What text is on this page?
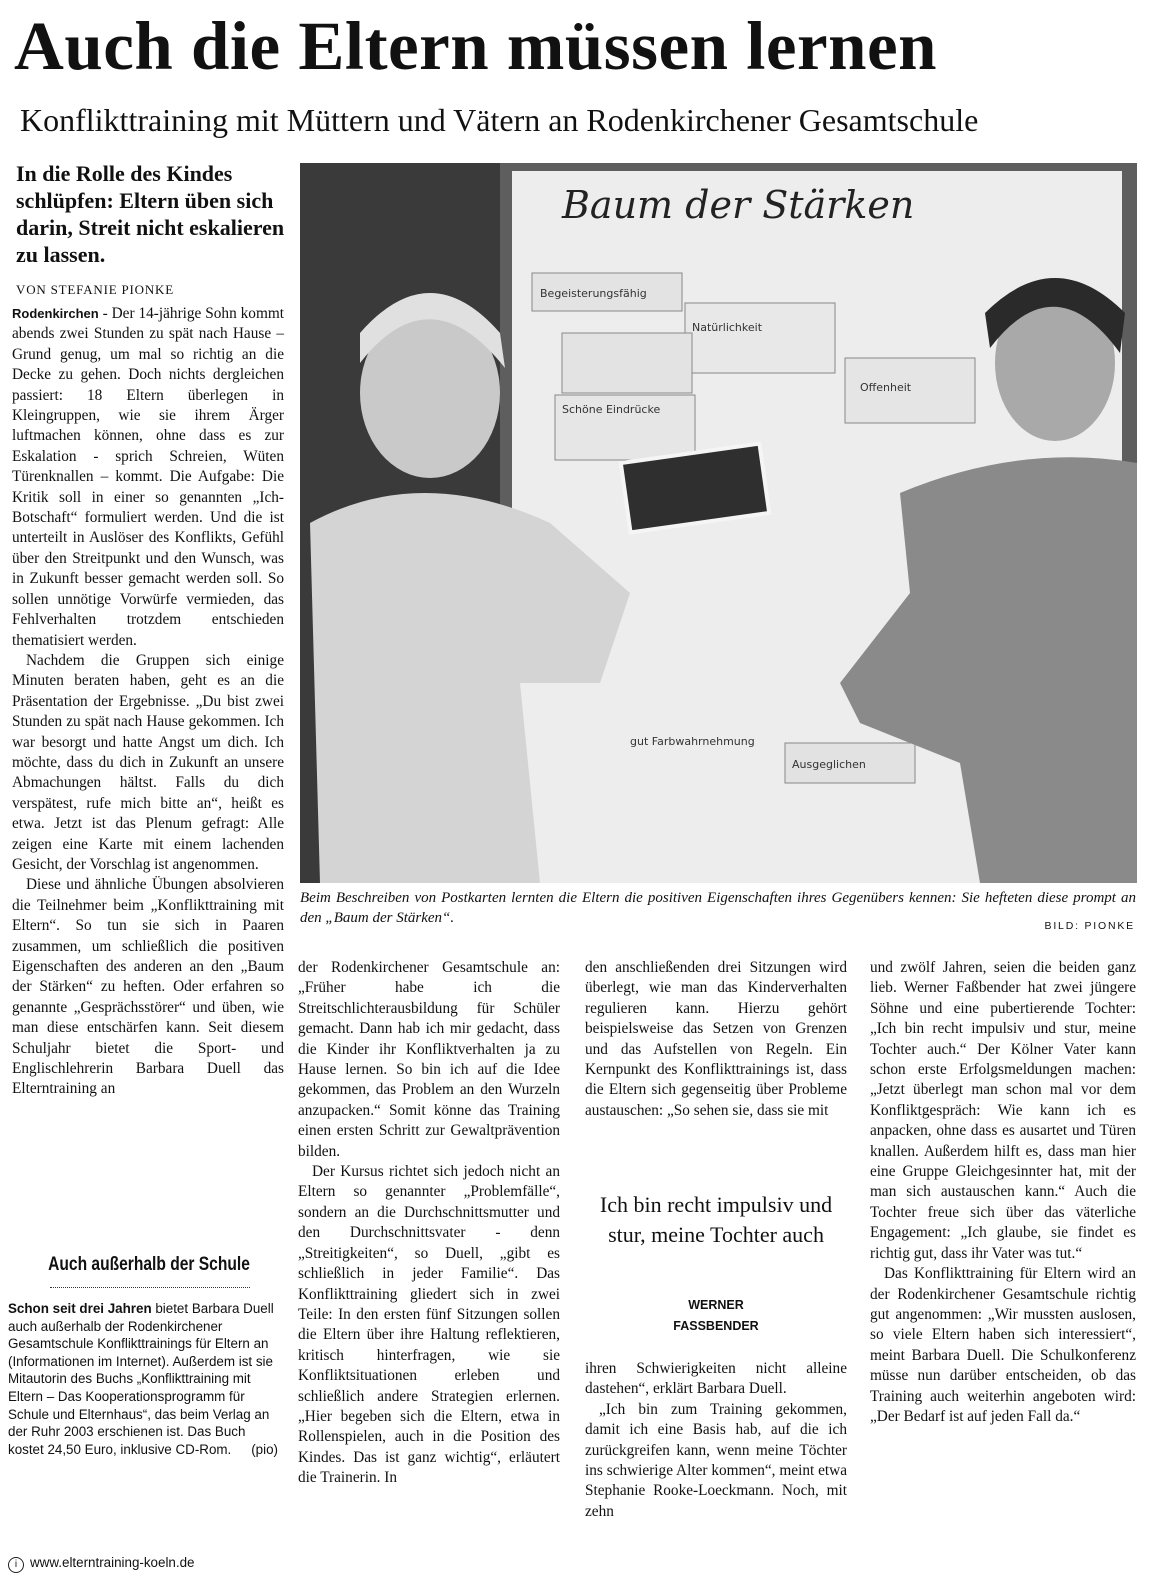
Auch die Eltern müssen lernen
Konflikttraining mit Müttern und Vätern an Rodenkirchener Gesamtschule
In die Rolle des Kindes schlüpfen: Eltern üben sich darin, Streit nicht eskalieren zu lassen.
VON STEFANIE PIONKE

Rodenkirchen - Der 14-jährige Sohn kommt abends zwei Stunden zu spät nach Hause – Grund genug, um mal so richtig an die Decke zu gehen. Doch nichts dergleichen passiert: 18 Eltern überlegen in Kleingruppen, wie sie ihrem Ärger luftmachen können, ohne dass es zur Eskalation - sprich Schreien, Wüten Türenknallen – kommt. Die Aufgabe: Die Kritik soll in einer so genannten „Ich-Botschaft“ formuliert werden. Und die ist unterteilt in Auslöser des Konflikts, Gefühl über den Streitpunkt und den Wunsch, was in Zukunft besser gemacht werden soll. So sollen unnötige Vorwürfe vermieden, das Fehlverhalten trotzdem entschieden thematisiert werden.

Nachdem die Gruppen sich einige Minuten beraten haben, geht es an die Präsentation der Ergebnisse. „Du bist zwei Stunden zu spät nach Hause gekommen. Ich war besorgt und hatte Angst um dich. Ich möchte, dass du dich in Zukunft an unsere Abmachungen hältst. Falls du dich verspätest, rufe mich bitte an“, heißt es etwa. Jetzt ist das Plenum gefragt: Alle zeigen eine Karte mit einem lachenden Gesicht, der Vorschlag ist angenommen.

Diese und ähnliche Übungen absolvieren die Teilnehmer beim „Konflikttraining mit Eltern“. So tun sie sich in Paaren zusammen, um schließlich die positiven Eigenschaften des anderen an den „Baum der Stärken“ zu heften. Oder erfahren so genannte „Gesprächsstörer“ und üben, wie man diese entschärfen kann. Seit diesem Schuljahr bietet die Sport- und Englischlehrerin Barbara Duell das Elterntraining an

Auch außerhalb der Schule
Schon seit drei Jahren bietet Barbara Duell auch außerhalb der Rodenkirchener Gesamtschule Konflikttrainings für Eltern an (Informationen im Internet). Außerdem ist sie Mitautorin des Buchs „Konflikttraining mit Eltern – Das Kooperationsprogramm für Schule und Elternhaus“, das beim Verlag an der Ruhr 2003 erschienen ist. Das Buch kostet 24,50 Euro, inklusive CD-Rom. (pio)
i www.elterntraining-koeln.de
Baum der Stärken
Begeisterungsfähig
Natürlichkeit
Schöne Eindrücke
Offenheit
Ausgeglichen
gut Farbwahrnehmung
Beim Beschreiben von Postkarten lernten die Eltern die positiven Eigenschaften ihres Gegenübers kennen: Sie hefteten diese prompt an den „Baum der Stärken“.	BILD: PIONKE

der Rodenkirchener Gesamtschule an: „Früher habe ich die Streitschlichterausbildung für Schüler gemacht. Dann hab ich mir gedacht, dass die Kinder ihr Konfliktverhalten ja zu Hause lernen. So bin ich auf die Idee gekommen, das Problem an den Wurzeln anzupacken.“ Somit könne das Training einen ersten Schritt zur Gewaltprävention bilden.

Der Kursus richtet sich jedoch nicht an Eltern so genannter „Problemfälle“, sondern an die Durchschnittsmutter und den Durchschnittsvater - denn „Streitigkeiten“, so Duell, „gibt es schließlich in jeder Familie“. Das Konflikttraining gliedert sich in zwei Teile: In den ersten fünf Sitzungen sollen die Eltern über ihre Haltung reflektieren, kritisch hinterfragen, wie sie Konfliktsituationen erleben und schließlich andere Strategien erlernen. „Hier begeben sich die Eltern, etwa in Rollenspielen, auch in die Position des Kindes. Das ist ganz wichtig“, erläutert die Trainerin. In

den anschließenden drei Sitzungen wird überlegt, wie man das Kinderverhalten regulieren kann. Hierzu gehört beispielsweise das Setzen von Grenzen und das Aufstellen von Regeln. Ein Kernpunkt des Konflikttrainings ist, dass die Eltern sich gegenseitig über Probleme austauschen: „So sehen sie, dass sie mit

Ich bin recht impulsiv und stur, meine Tochter auch
WERNER
FASSBENDER

ihren Schwierigkeiten nicht alleine dastehen“, erklärt Barbara Duell.

„Ich bin zum Training gekommen, damit ich eine Basis hab, auf die ich zurückgreifen kann, wenn meine Töchter ins schwierige Alter kommen“, meint etwa Stephanie Rooke-Loeckmann. Noch, mit zehn

und zwölf Jahren, seien die beiden ganz lieb. Werner Faßbender hat zwei jüngere Söhne und eine pubertierende Tochter: „Ich bin recht impulsiv und stur, meine Tochter auch.“ Der Kölner Vater kann schon erste Erfolgsmeldungen machen: „Jetzt überlegt man schon mal vor dem Konfliktgespräch: Wie kann ich es anpacken, ohne dass es ausartet und Türen knallen. Außerdem hilft es, dass man hier eine Gruppe Gleichgesinnter hat, mit der man sich austauschen kann.“ Auch die Tochter freue sich über das väterliche Engagement: „Ich glaube, sie findet es richtig gut, dass ihr Vater was tut.“

Das Konflikttraining für Eltern wird an der Rodenkirchener Gesamtschule richtig gut angenommen: „Wir mussten auslosen, so viele Eltern haben sich interessiert“, meint Barbara Duell. Die Schulkonferenz müsse nun darüber entscheiden, ob das Training auch weiterhin angeboten wird: „Der Bedarf ist auf jeden Fall da.“
